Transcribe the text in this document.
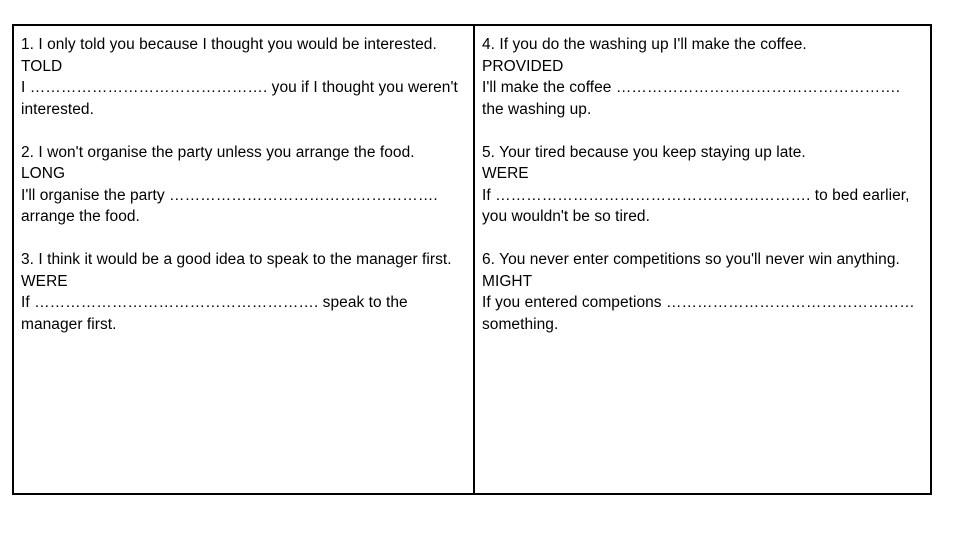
1. I only told you because I thought you would be interested.
TOLD
I ………………………………………. you if I thought you weren't interested.
2. I won't organise the party unless you arrange the food.
LONG
I'll organise the party ……………………………………………. arrange the food.
3. I think it would be a good idea to speak to the manager first.
WERE
If ………………………………………………. speak to the manager first.
4. If you do the washing up I'll make the coffee.
PROVIDED
I'll make the coffee ………………………………………………. the washing up.
5. Your tired because you keep staying up late.
WERE
If ……………………………………………………. to bed earlier, you wouldn't be so tired.
6. You never enter competitions so you'll never win anything.
MIGHT
If you entered competions ………………………………………… something.
